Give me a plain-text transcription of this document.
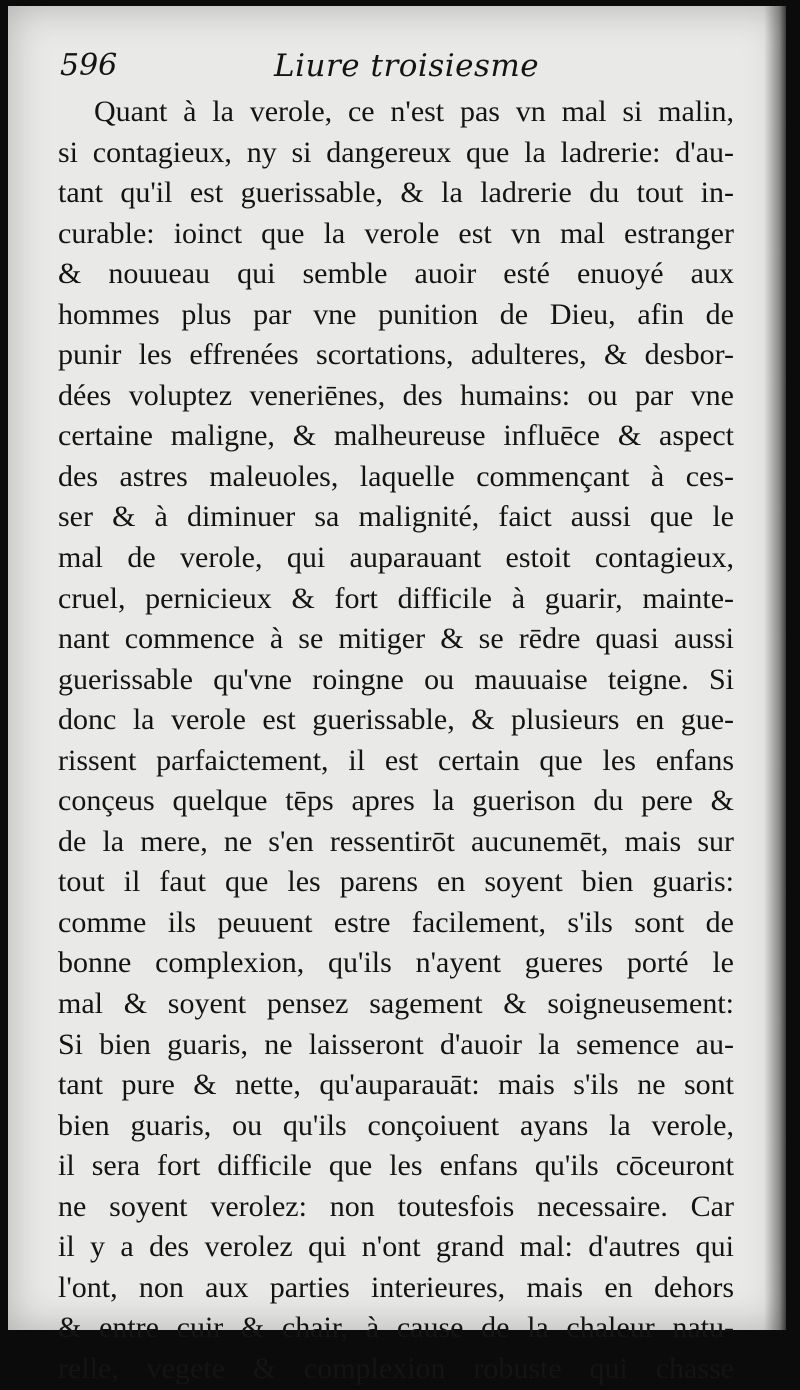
596	Liure troisiesme
Quant à la verole, ce n'est pas vn mal si malin,
si contagieux, ny si dangereux que la ladrerie: d'au-
tant qu'il est guerissable, & la ladrerie du tout in-
curable: ioinct que la verole est vn mal estranger
& nouueau qui semble auoir esté enuoyé aux
hommes plus par vne punition de Dieu, afin de
punir les effrenées scortations, adulteres, & desbor-
dées voluptez veneriēnes, des humains: ou par vne
certaine maligne, & malheureuse influēce & aspect
des astres maleuoles, laquelle commençant à ces-
ser & à diminuer sa malignité, faict aussi que le
mal de verole, qui auparauant estoit contagieux,
cruel, pernicieux & fort difficile à guarir, mainte-
nant commence à se mitiger & se rēdre quasi aussi
guerissable qu'vne roingne ou mauuaise teigne. Si
donc la verole est guerissable, & plusieurs en gue-
rissent parfaictement, il est certain que les enfans
conçeus quelque tēps apres la guerison du pere &
de la mere, ne s'en ressentirōt aucunemēt, mais sur
tout il faut que les parens en soyent bien guaris:
comme ils peuuent estre facilement, s'ils sont de
bonne complexion, qu'ils n'ayent gueres porté le
mal & soyent pensez sagement & soigneusement:
Si bien guaris, ne laisseront d'auoir la semence au-
tant pure & nette, qu'auparauāt: mais s'ils ne sont
bien guaris, ou qu'ils conçoiuent ayans la verole,
il sera fort difficile que les enfans qu'ils cōceuront
ne soyent verolez: non toutesfois necessaire. Car
il y a des verolez qui n'ont grand mal: d'autres qui
l'ont, non aux parties interieures, mais en dehors
& entre cuir & chair, à cause de la chaleur natu-
relle, vegete & complexion robuste qui chasse
